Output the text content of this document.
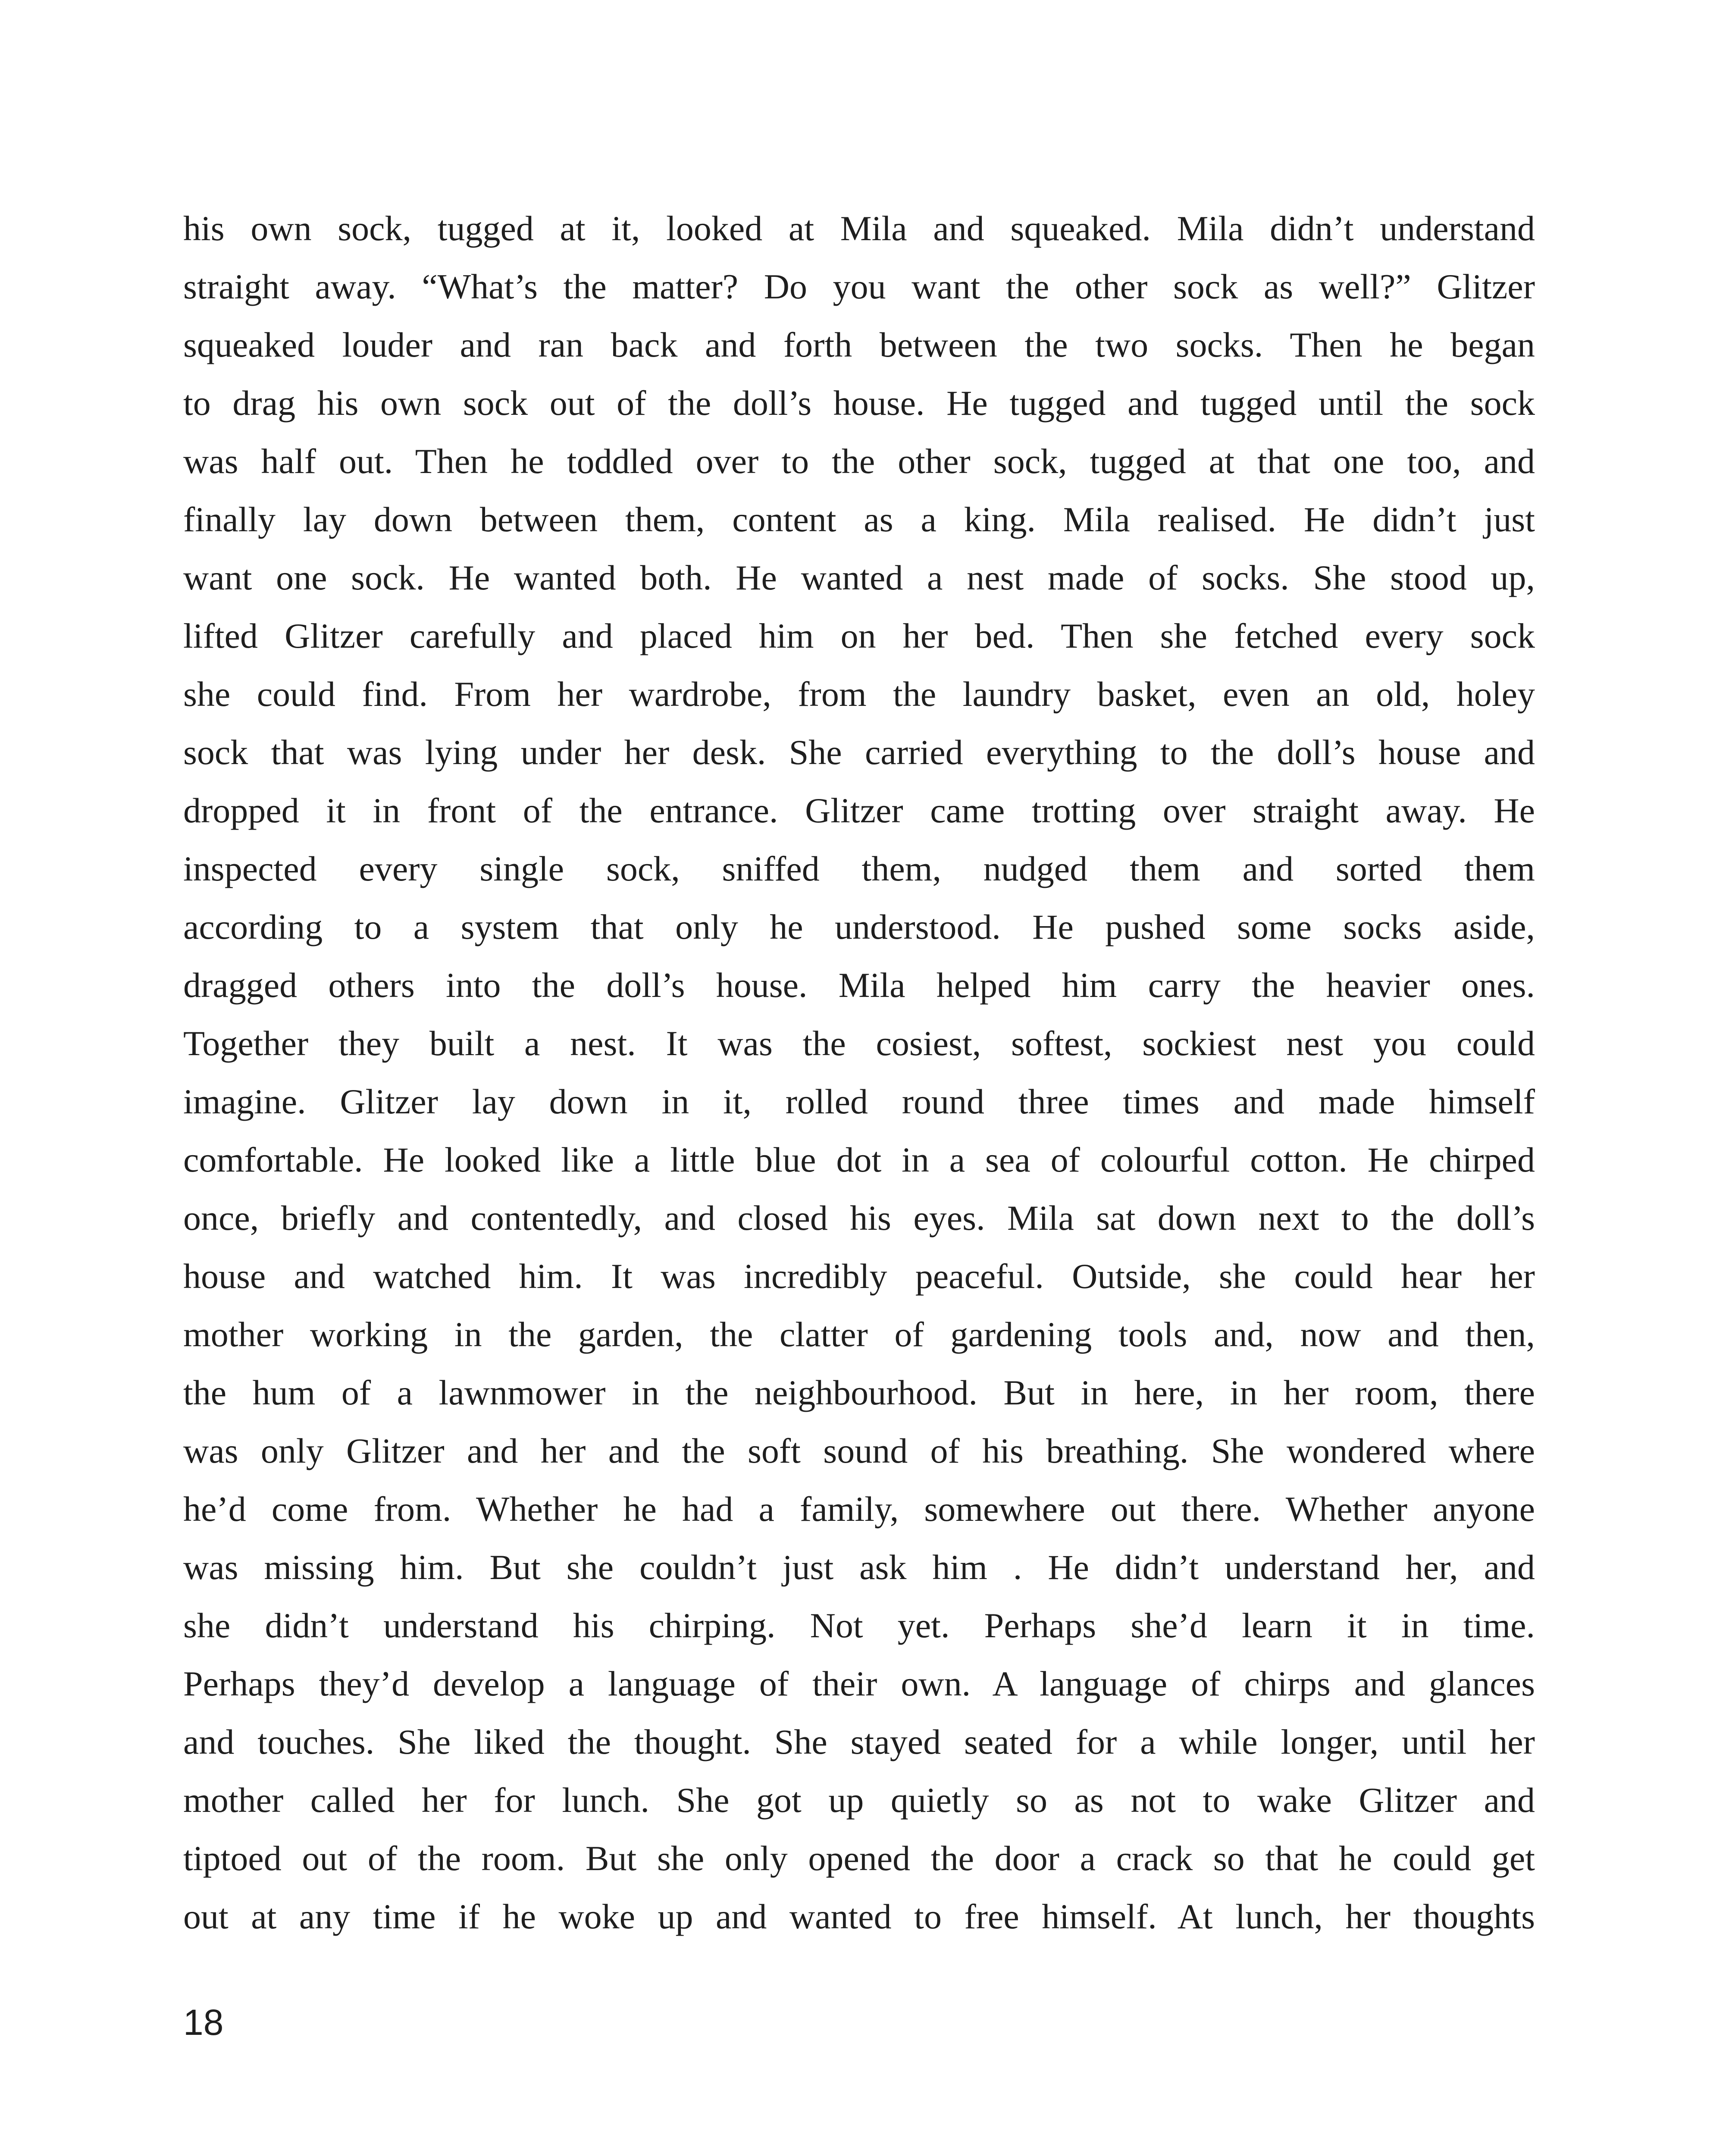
his own sock, tugged at it, looked at Mila and squeaked. Mila didn’t understand
straight away. “What’s the matter? Do you want the other sock as well?” Glitzer
squeaked louder and ran back and forth between the two socks. Then he began
to drag his own sock out of the doll’s house. He tugged and tugged until the sock
was half out. Then he toddled over to the other sock, tugged at that one too, and
finally lay down between them, content as a king. Mila realised. He didn’t just
want one sock. He wanted both. He wanted a nest made of socks. She stood up,
lifted Glitzer carefully and placed him on her bed. Then she fetched every sock
she could find. From her wardrobe, from the laundry basket, even an old, holey
sock that was lying under her desk. She carried everything to the doll’s house and
dropped it in front of the entrance. Glitzer came trotting over straight away. He
inspected every single sock, sniffed them, nudged them and sorted them
according to a system that only he understood. He pushed some socks aside,
dragged others into the doll’s house. Mila helped him carry the heavier ones.
Together they built a nest. It was the cosiest, softest, sockiest nest you could
imagine. Glitzer lay down in it, rolled round three times and made himself
comfortable. He looked like a little blue dot in a sea of colourful cotton. He chirped
once, briefly and contentedly, and closed his eyes. Mila sat down next to the doll’s
house and watched him. It was incredibly peaceful. Outside, she could hear her
mother working in the garden, the clatter of gardening tools and, now and then,
the hum of a lawnmower in the neighbourhood. But in here, in her room, there
was only Glitzer and her and the soft sound of his breathing. She wondered where
he’d come from. Whether he had a family, somewhere out there. Whether anyone
was missing him. But she couldn’t just ask him . He didn’t understand her, and
she didn’t understand his chirping. Not yet. Perhaps she’d learn it in time.
Perhaps they’d develop a language of their own. A language of chirps and glances
and touches. She liked the thought. She stayed seated for a while longer, until her
mother called her for lunch. She got up quietly so as not to wake Glitzer and
tiptoed out of the room. But she only opened the door a crack so that he could get
out at any time if he woke up and wanted to free himself. At lunch, her thoughts
18
